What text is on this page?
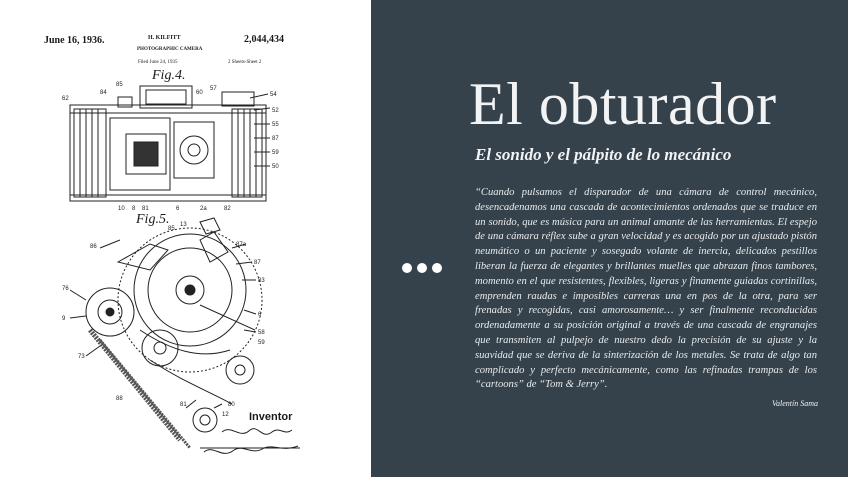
June 16, 1936.	H. KILFITT	2,044,434
PHOTOGRAPHIC CAMERA
Filed June 24, 1935	2 Sheets-Sheet 2
Fig.4.
Fig.5.
Inventor
85
84
62
60
57
54
52
55
87
59
50
10 8 81	6	2a	82
86	87a
87
83
6
58
59
76
9
73
88
81	80
12
85
13
El obturador
El sonido y el pálpito de lo mecánico
“Cuando pulsamos el disparador de una cámara de control mecánico, desencadenamos una cascada de acontecimientos ordenados que se traduce en un sonido, que es música para un animal amante de las herramientas. El espejo de una cámara réflex sube a gran velocidad y es acogido por un ajustado pistón neumático o un paciente y sosegado volante de inercia, delicados pestillos liberan la fuerza de elegantes y brillantes muelles que abrazan finos tambores, momento en el que resistentes, flexibles, ligeras y finamente guiadas cortinillas, emprenden raudas e imposibles carreras una en pos de la otra, para ser frenadas y recogidas, casi amorosamente… y ser finalmente reconducidas ordenadamente a su posición original a través de una cascada de engranajes que transmiten al pulpejo de nuestro dedo la precisión de su ajuste y la suavidad que se deriva de la sinterización de los metales. Se trata de algo tan complicado y perfecto mecánicamente, como las refinadas trampas de los “cartoons” de “Tom & Jerry”.
Valentín Sama
